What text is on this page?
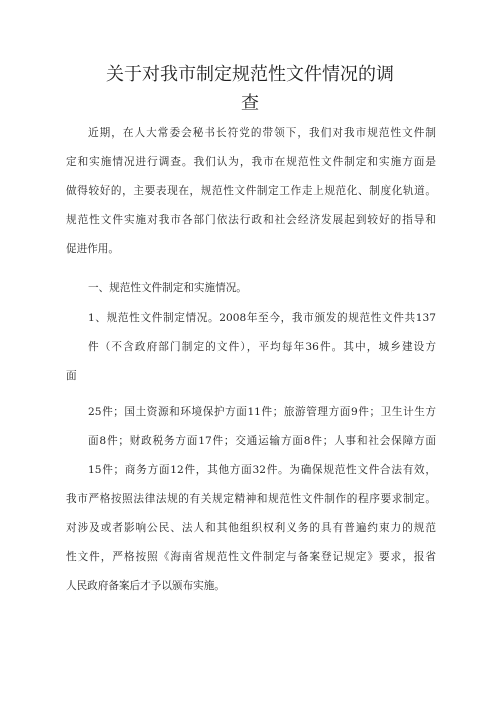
关于对我市制定规范性文件情况的调
查
近期，在人大常委会秘书长符党的带领下，我们对我市规范性文件制
定和实施情况进行调查。我们认为，我市在规范性文件制定和实施方面是
做得较好的，主要表现在，规范性文件制定工作走上规范化、制度化轨道。
规范性文件实施对我市各部门依法行政和社会经济发展起到较好的指导和
促进作用。
一、规范性文件制定和实施情况。
1、规范性文件制定情况。2008年至今，我市颁发的规范性文件共137
件（不含政府部门制定的文件），平均每年36件。其中，城乡建设方
面
25件；国土资源和环境保护方面11件；旅游管理方面9件；卫生计生方
面8件；财政税务方面17件；交通运输方面8件；人事和社会保障方面
15件；商务方面12件，其他方面32件。为确保规范性文件合法有效，
我市严格按照法律法规的有关规定精神和规范性文件制作的程序要求制定。
对涉及或者影响公民、法人和其他组织权利义务的具有普遍约束力的规范
性文件，严格按照《海南省规范性文件制定与备案登记规定》要求，报省
人民政府备案后才予以颁布实施。
